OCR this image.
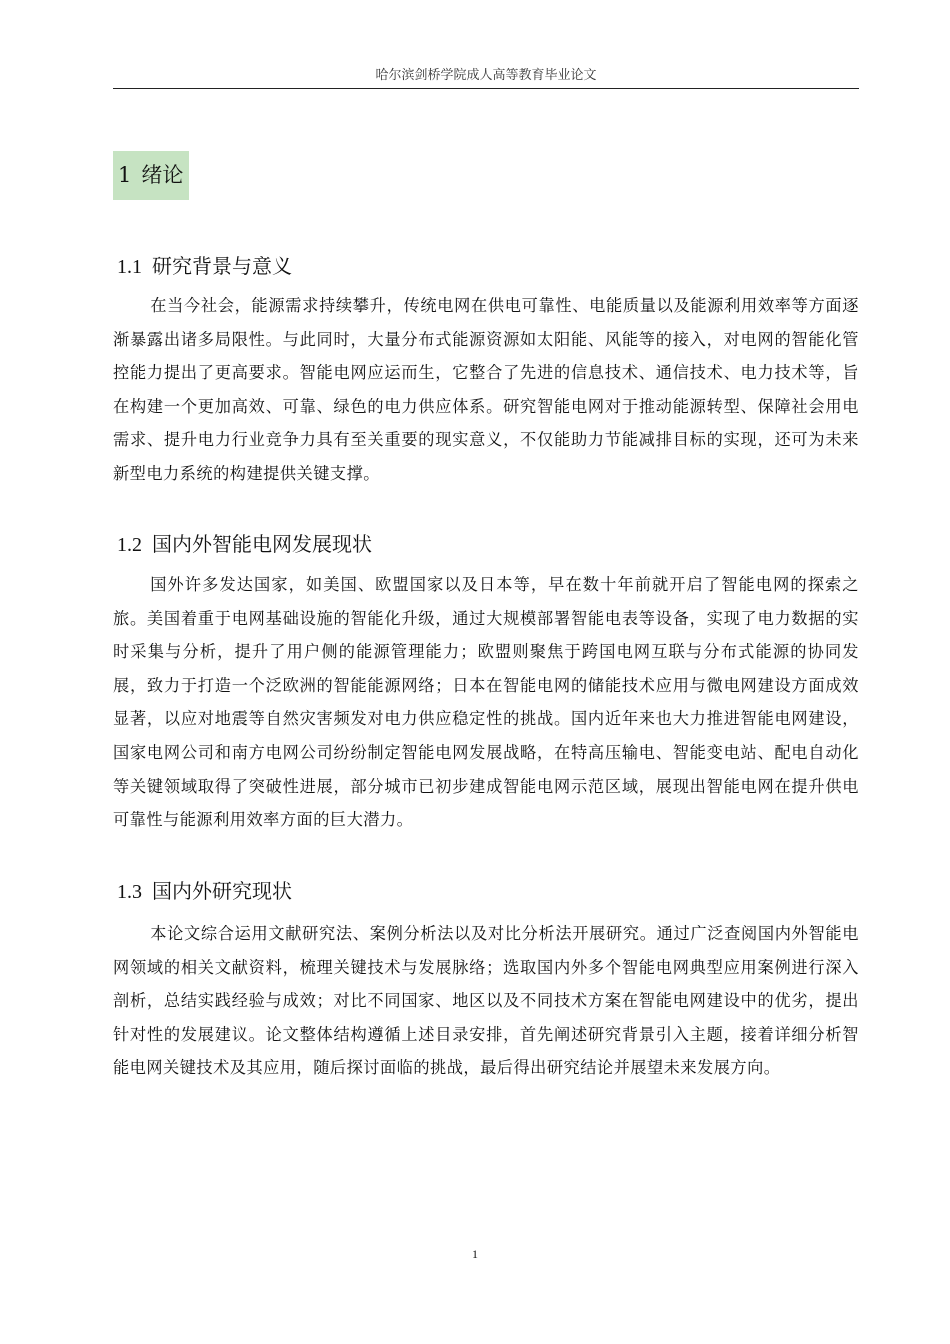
哈尔滨剑桥学院成人高等教育毕业论文
1 绪论
1.1 研究背景与意义
在当今社会，能源需求持续攀升，传统电网在供电可靠性、电能质量以及能源利用效率等方面逐渐暴露出诸多局限性。与此同时，大量分布式能源资源如太阳能、风能等的接入，对电网的智能化管控能力提出了更高要求。智能电网应运而生，它整合了先进的信息技术、通信技术、电力技术等，旨在构建一个更加高效、可靠、绿色的电力供应体系。研究智能电网对于推动能源转型、保障社会用电需求、提升电力行业竞争力具有至关重要的现实意义，不仅能助力节能减排目标的实现，还可为未来新型电力系统的构建提供关键支撑。
1.2 国内外智能电网发展现状
国外许多发达国家，如美国、欧盟国家以及日本等，早在数十年前就开启了智能电网的探索之旅。美国着重于电网基础设施的智能化升级，通过大规模部署智能电表等设备，实现了电力数据的实时采集与分析，提升了用户侧的能源管理能力；欧盟则聚焦于跨国电网互联与分布式能源的协同发展，致力于打造一个泛欧洲的智能能源网络；日本在智能电网的储能技术应用与微电网建设方面成效显著，以应对地震等自然灾害频发对电力供应稳定性的挑战。国内近年来也大力推进智能电网建设，国家电网公司和南方电网公司纷纷制定智能电网发展战略，在特高压输电、智能变电站、配电自动化等关键领域取得了突破性进展，部分城市已初步建成智能电网示范区域，展现出智能电网在提升供电可靠性与能源利用效率方面的巨大潜力。
1.3 国内外研究现状
本论文综合运用文献研究法、案例分析法以及对比分析法开展研究。通过广泛查阅国内外智能电网领域的相关文献资料，梳理关键技术与发展脉络；选取国内外多个智能电网典型应用案例进行深入剖析，总结实践经验与成效；对比不同国家、地区以及不同技术方案在智能电网建设中的优劣，提出针对性的发展建议。论文整体结构遵循上述目录安排，首先阐述研究背景引入主题，接着详细分析智能电网关键技术及其应用，随后探讨面临的挑战，最后得出研究结论并展望未来发展方向。
1
